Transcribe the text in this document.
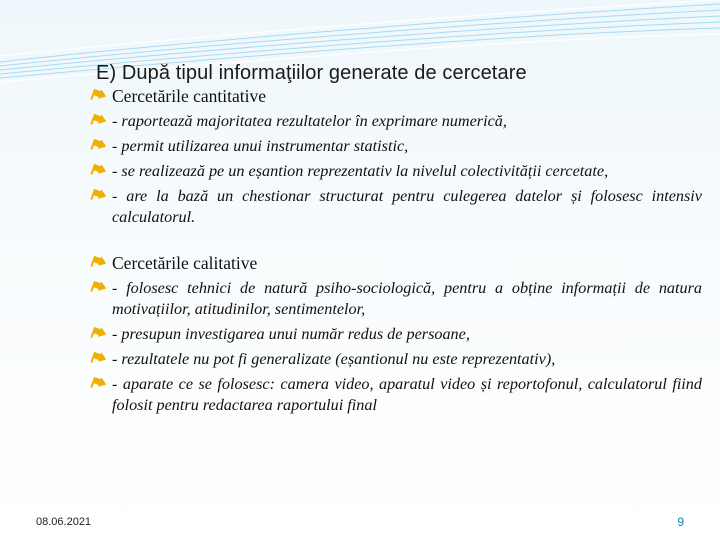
E) După tipul informaţiilor generate de cercetare
Cercetările cantitative
- raportează majoritatea rezultatelor în exprimare numerică,
- permit utilizarea unui instrumentar statistic,
- se realizează pe un eșantion reprezentativ la nivelul colectivității cercetate,
- are la bază un chestionar structurat pentru culegerea datelor și folosesc intensiv calculatorul.
Cercetările calitative
- folosesc tehnici de natură psiho-sociologică, pentru a obține informații de natura motivațiilor, atitudinilor, sentimentelor,
- presupun investigarea unui număr redus de persoane,
- rezultatele nu pot fi generalizate (eșantionul nu este reprezentativ),
- aparate ce se folosesc: camera video, aparatul video și reportofonul, calculatorul fiind folosit pentru redactarea raportului final
08.06.2021	9
